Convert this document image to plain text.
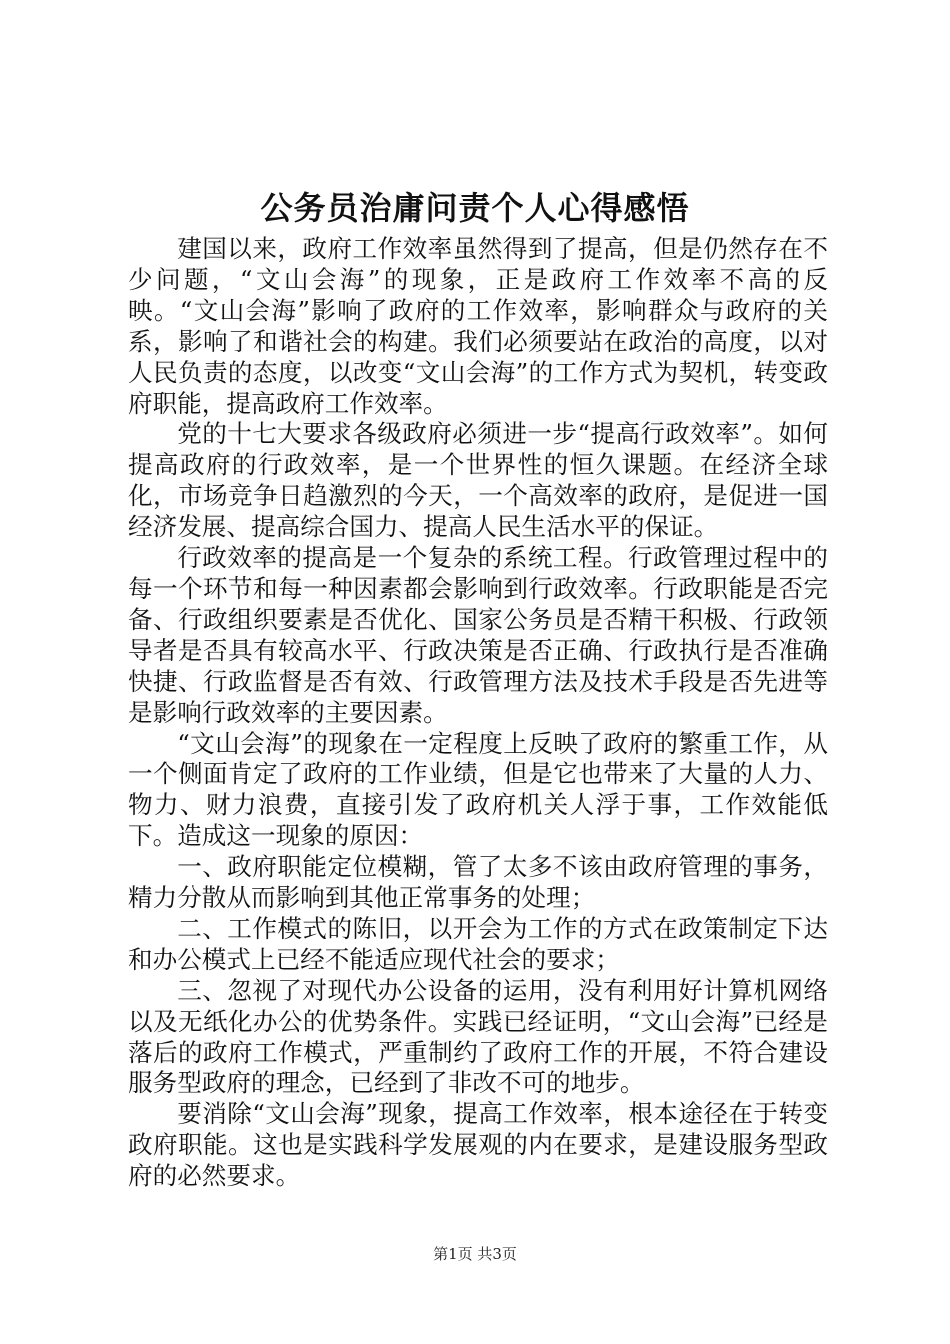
公务员治庸问责个人心得感悟

建国以来，政府工作效率虽然得到了提高，但是仍然存在不少问题，“文山会海”的现象，正是政府工作效率不高的反映。“文山会海”影响了政府的工作效率，影响群众与政府的关系，影响了和谐社会的构建。我们必须要站在政治的高度，以对人民负责的态度，以改变“文山会海”的工作方式为契机，转变政府职能，提高政府工作效率。

党的十七大要求各级政府必须进一步“提高行政效率”。如何提高政府的行政效率，是一个世界性的恒久课题。在经济全球化，市场竞争日趋激烈的今天，一个高效率的政府，是促进一国经济发展、提高综合国力、提高人民生活水平的保证。

行政效率的提高是一个复杂的系统工程。行政管理过程中的每一个环节和每一种因素都会影响到行政效率。行政职能是否完备、行政组织要素是否优化、国家公务员是否精干积极、行政领导者是否具有较高水平、行政决策是否正确、行政执行是否准确快捷、行政监督是否有效、行政管理方法及技术手段是否先进等是影响行政效率的主要因素。

“文山会海”的现象在一定程度上反映了政府的繁重工作，从一个侧面肯定了政府的工作业绩，但是它也带来了大量的人力、物力、财力浪费，直接引发了政府机关人浮于事，工作效能低下。造成这一现象的原因：

一、政府职能定位模糊，管了太多不该由政府管理的事务，精力分散从而影响到其他正常事务的处理；

二、工作模式的陈旧，以开会为工作的方式在政策制定下达和办公模式上已经不能适应现代社会的要求；

三、忽视了对现代办公设备的运用，没有利用好计算机网络以及无纸化办公的优势条件。实践已经证明，“文山会海”已经是落后的政府工作模式，严重制约了政府工作的开展，不符合建设服务型政府的理念，已经到了非改不可的地步。

要消除“文山会海”现象，提高工作效率，根本途径在于转变政府职能。这也是实践科学发展观的内在要求，是建设服务型政府的必然要求。

第1页 共3页
